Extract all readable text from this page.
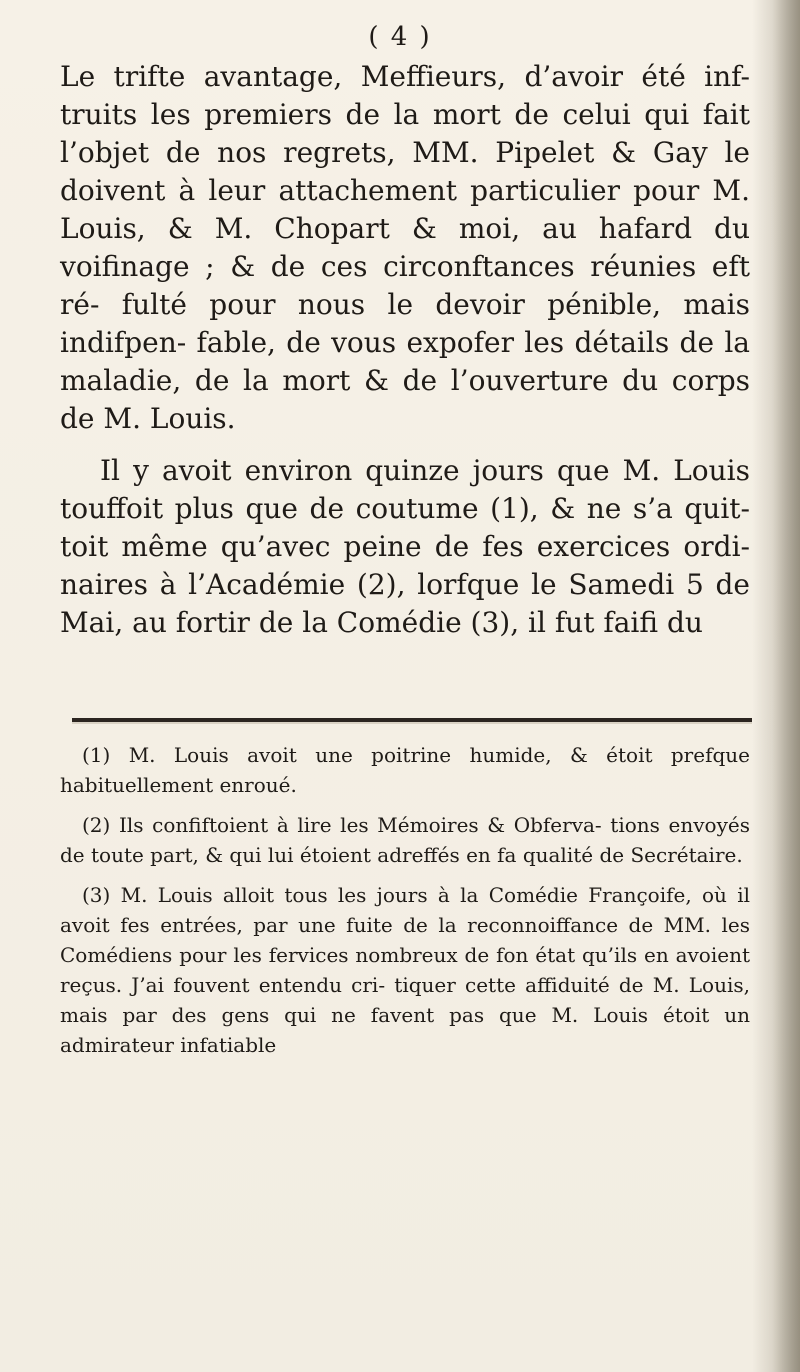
( 4 )

Le trifte avantage, Meffieurs, d’avoir été inf- truits les premiers de la mort de celui qui fait l’objet de nos regrets, MM. Pipelet & Gay le doivent à leur attachement particulier pour M. Louis, & M. Chopart & moi, au hafard du voifinage ; & de ces circonftances réunies eft ré- fulté pour nous le devoir pénible, mais indifpen- fable, de vous expofer les détails de la maladie, de la mort & de l’ouverture du corps de M. Louis.

Il y avoit environ quinze jours que M. Louis touffoit plus que de coutume (1), & ne s’a quit- toit même qu’avec peine de fes exercices ordi- naires à l’Académie (2), lorfque le Samedi 5 de Mai, au fortir de la Comédie (3), il fut faifi du

(1) M. Louis avoit une poitrine humide, & étoit prefque habituellement enroué.

(2) Ils confiftoient à lire les Mémoires & Obferva- tions envoyés de toute part, & qui lui étoient adreffés en fa qualité de Secrétaire.

(3) M. Louis alloit tous les jours à la Comédie Françoife, où il avoit fes entrées, par une fuite de la reconnoiffance de MM. les Comédiens pour les fervices nombreux de fon état qu’ils en avoient reçus. J’ai fouvent entendu cri- tiquer cette affiduité de M. Louis, mais par des gens qui ne favent pas que M. Louis étoit un admirateur infatiable
